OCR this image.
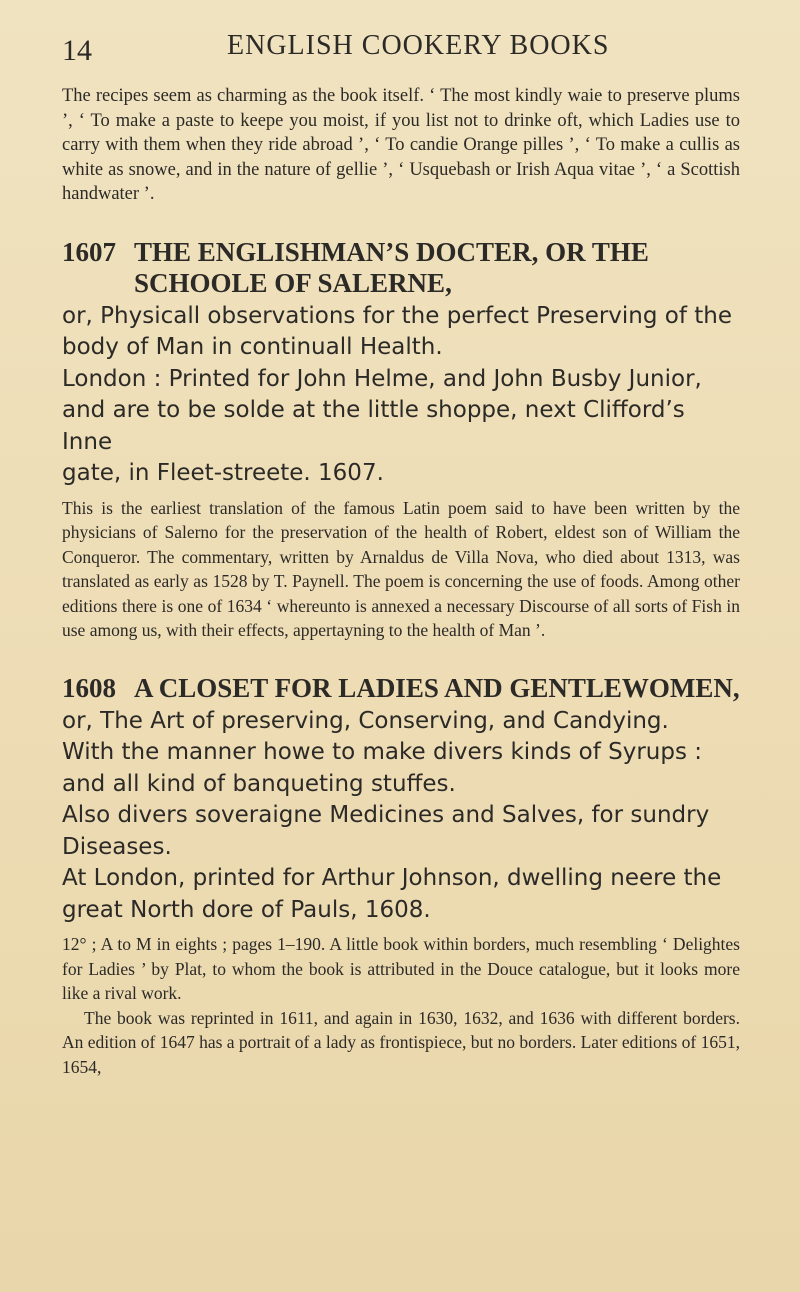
14	ENGLISH COOKERY BOOKS

The recipes seem as charming as the book itself. ‘ The most kindly waie to preserve plums ’, ‘ To make a paste to keepe you moist, if you list not to drinke oft, which Ladies use to carry with them when they ride abroad ’, ‘ To candie Orange pilles ’, ‘ To make a cullis as white as snowe, and in the nature of gellie ’, ‘ Usquebash or Irish Aqua vitae ’, ‘ a Scottish handwater ’.

1607 THE ENGLISHMAN’S DOCTER, OR THE
SCHOOLE OF SALERNE,
or, Physicall observations for the perfect Preserving of the
body of Man in continuall Health.
London : Printed for John Helme, and John Busby Junior,
and are to be solde at the little shoppe, next Clifford’s Inne
gate, in Fleet-streete. 1607.

This is the earliest translation of the famous Latin poem said to have been written by the physicians of Salerno for the preservation of the health of Robert, eldest son of William the Conqueror. The commentary, written by Arnaldus de Villa Nova, who died about 1313, was translated as early as 1528 by T. Paynell. The poem is concerning the use of foods. Among other editions there is one of 1634 ‘ whereunto is annexed a necessary Discourse of all sorts of Fish in use among us, with their effects, appertayning to the health of Man ’.

1608 A CLOSET FOR LADIES AND GENTLEWOMEN,
or, The Art of preserving, Conserving, and Candying.
With the manner howe to make divers kinds of Syrups :
and all kind of banqueting stuffes.
Also divers soveraigne Medicines and Salves, for sundry
Diseases.
At London, printed for Arthur Johnson, dwelling neere the
great North dore of Pauls, 1608.

12° ; A to M in eights ; pages 1–190. A little book within borders, much resembling ‘ Delightes for Ladies ’ by Plat, to whom the book is attributed in the Douce catalogue, but it looks more like a rival work.

The book was reprinted in 1611, and again in 1630, 1632, and 1636 with different borders. An edition of 1647 has a portrait of a lady as frontispiece, but no borders. Later editions of 1651, 1654,
